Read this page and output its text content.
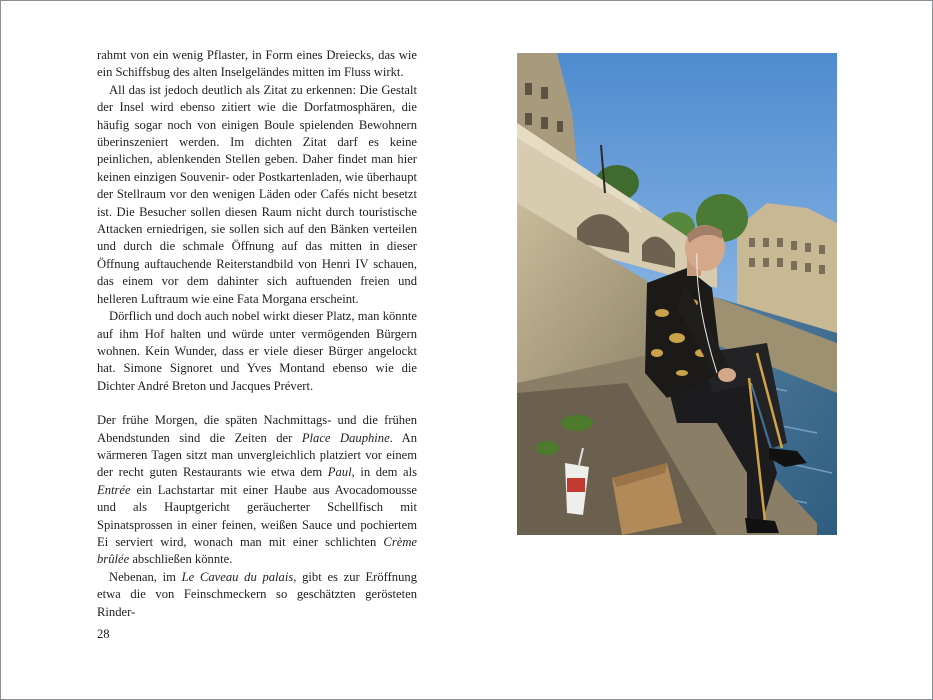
rahmt von ein wenig Pflaster, in Form eines Dreiecks, das wie ein Schiffsbug des alten Inselgeländes mitten im Fluss wirkt.

All das ist jedoch deutlich als Zitat zu erkennen: Die Gestalt der Insel wird ebenso zitiert wie die Dorfatmosphären, die häufig sogar noch von einigen Boule spielenden Bewohnern überinszeniert werden. Im dichten Zitat darf es keine peinlichen, ablenkenden Stellen geben. Daher findet man hier keinen einzigen Souvenir- oder Postkartenladen, wie überhaupt der Stellraum vor den wenigen Läden oder Cafés nicht besetzt ist. Die Besucher sollen diesen Raum nicht durch touristische Attacken erniedrigen, sie sollen sich auf den Bänken verteilen und durch die schmale Öffnung auf das mitten in dieser Öffnung auftauchende Reiterstandbild von Henri IV schauen, das einem vor dem dahinter sich auftuenden freien und helleren Luftraum wie eine Fata Morgana erscheint.

Dörflich und doch auch nobel wirkt dieser Platz, man könnte auf ihm Hof halten und würde unter vermögenden Bürgern wohnen. Kein Wunder, dass er viele dieser Bürger angelockt hat. Simone Signoret und Yves Montand ebenso wie die Dichter André Breton und Jacques Prévert.

Der frühe Morgen, die späten Nachmittags- und die frühen Abendstunden sind die Zeiten der Place Dauphine. An wärmeren Tagen sitzt man unvergleichlich platziert vor einem der recht guten Restaurants wie etwa dem Paul, in dem als Entrée ein Lachstartar mit einer Haube aus Avocadomousse und als Hauptgericht geräucherter Schellfisch mit Spinatsprossen in einer feinen, weißen Sauce und pochiertem Ei serviert wird, wonach man mit einer schlichten Crème brûlée abschließen könnte.

Nebenan, im Le Caveau du palais, gibt es zur Eröffnung etwa die von Feinschmeckern so geschätzten gerösteten Rinder-

28
